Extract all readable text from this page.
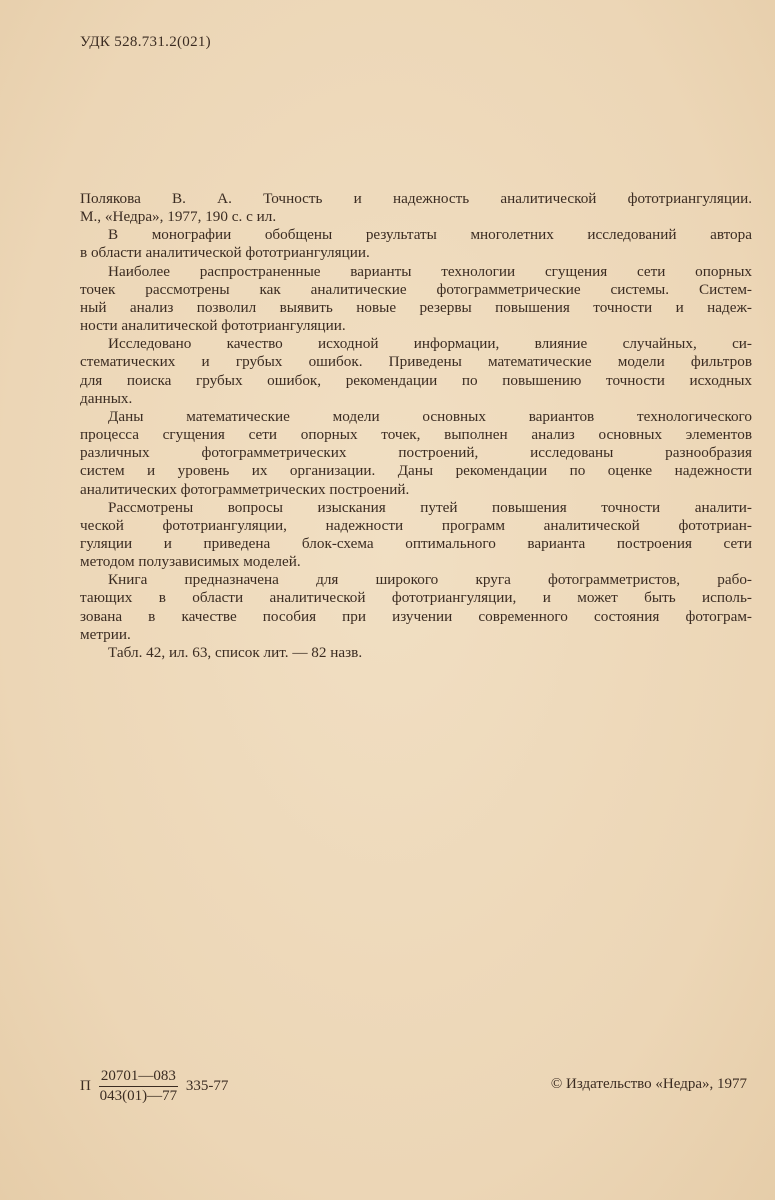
УДК 528.731.2(021)
Полякова В. А. Точность и надежность аналитической фототриангуляции.
М., «Недра», 1977, 190 с. с ил.
В монографии обобщены результаты многолетних исследований автора
в области аналитической фототриангуляции.
Наиболее распространенные варианты технологии сгущения сети опорных
точек рассмотрены как аналитические фотограмметрические системы. Систем-
ный анализ позволил выявить новые резервы повышения точности и надеж-
ности аналитической фототриангуляции.
Исследовано качество исходной информации, влияние случайных, си-
стематических и грубых ошибок. Приведены математические модели фильтров
для поиска грубых ошибок, рекомендации по повышению точности исходных
данных.
Даны математические модели основных вариантов технологического
процесса сгущения сети опорных точек, выполнен анализ основных элементов
различных фотограмметрических построений, исследованы разнообразия
систем и уровень их организации. Даны рекомендации по оценке надежности
аналитических фотограмметрических построений.
Рассмотрены вопросы изыскания путей повышения точности аналити-
ческой фототриангуляции, надежности программ аналитической фототриан-
гуляции и приведена блок-схема оптимального варианта построения сети
методом полузависимых моделей.
Книга предназначена для широкого круга фотограмметристов, рабо-
тающих в области аналитической фототриангуляции, и может быть исполь-
зована в качестве пособия при изучении современного состояния фотограм-
метрии.
Табл. 42, ил. 63, список лит. — 82 назв.
П $\frac{20701—083}{043(01)—77} 335-77$	© Издательство «Недра», 1977
